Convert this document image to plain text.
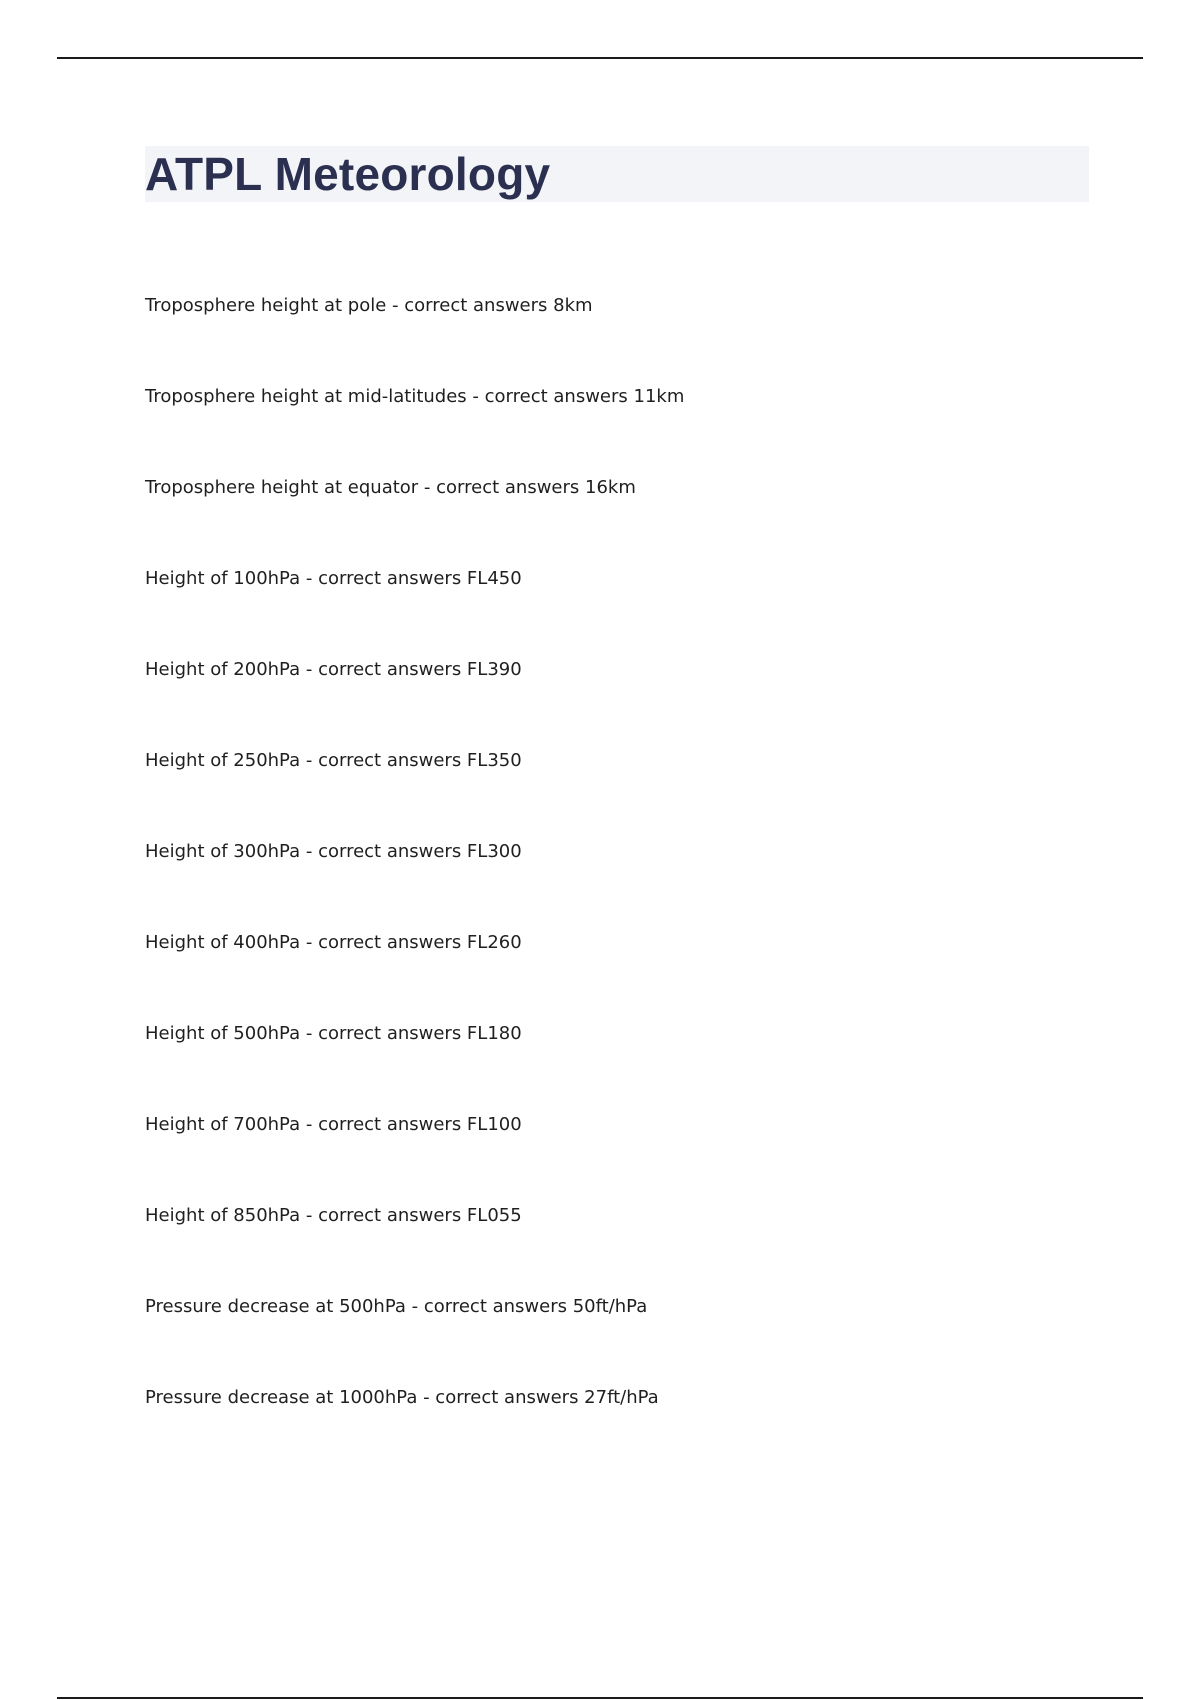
ATPL Meteorology
Troposphere height at pole - correct answers 8km
Troposphere height at mid-latitudes - correct answers 11km
Troposphere height at equator - correct answers 16km
Height of 100hPa - correct answers FL450
Height of 200hPa - correct answers FL390
Height of 250hPa - correct answers FL350
Height of 300hPa - correct answers FL300
Height of 400hPa - correct answers FL260
Height of 500hPa - correct answers FL180
Height of 700hPa - correct answers FL100
Height of 850hPa - correct answers FL055
Pressure decrease at 500hPa - correct answers 50ft/hPa
Pressure decrease at 1000hPa - correct answers 27ft/hPa
